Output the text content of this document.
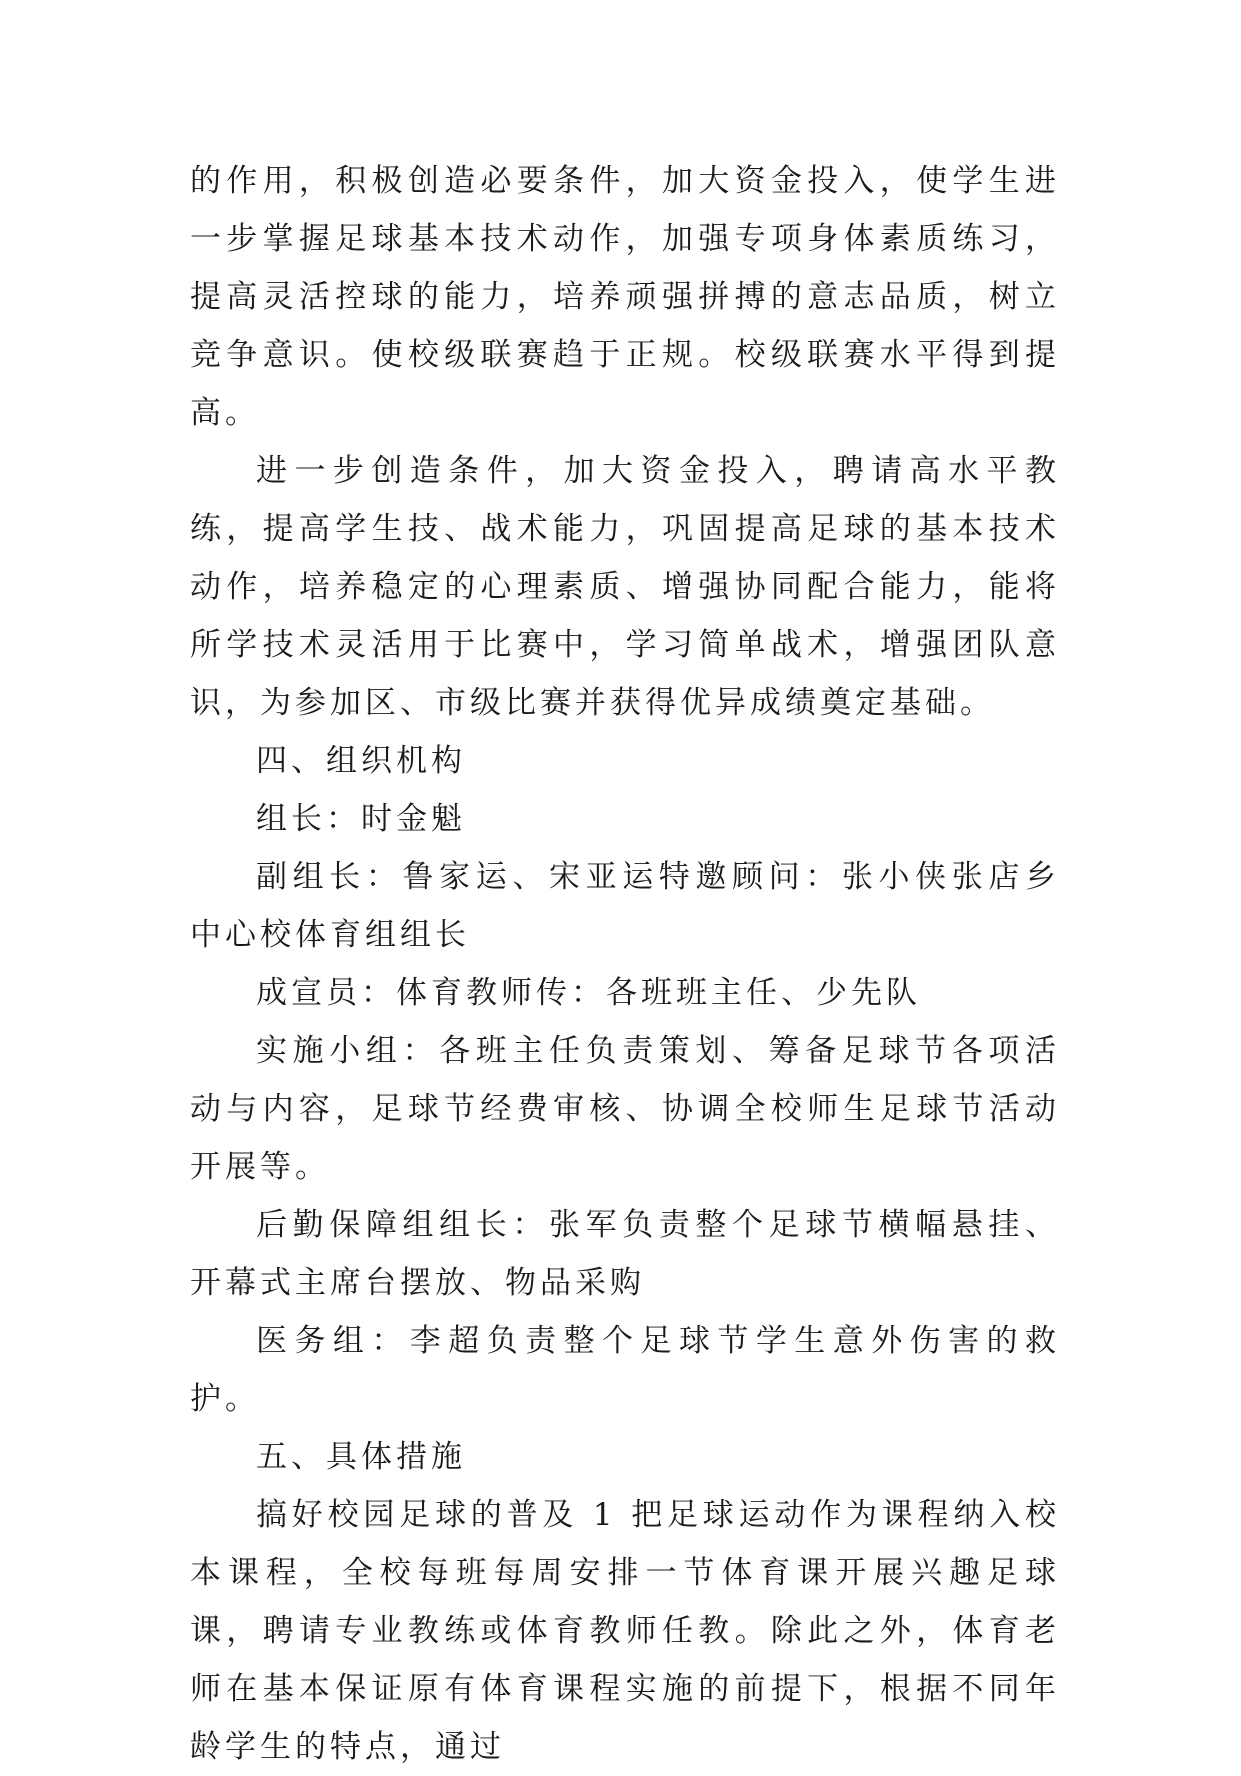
的作用，积极创造必要条件，加大资金投入，使学生进一步掌握足球基本技术动作，加强专项身体素质练习，提高灵活控球的能力，培养顽强拼搏的意志品质，树立竞争意识。使校级联赛趋于正规。校级联赛水平得到提高。

进一步创造条件，加大资金投入，聘请高水平教练，提高学生技、战术能力，巩固提高足球的基本技术动作，培养稳定的心理素质、增强协同配合能力，能将所学技术灵活用于比赛中，学习简单战术，增强团队意识，为参加区、市级比赛并获得优异成绩奠定基础。

四、组织机构

组长：时金魁

副组长：鲁家运、宋亚运特邀顾问：张小侠张店乡中心校体育组组长

成宣员：体育教师传：各班班主任、少先队

实施小组：各班主任负责策划、筹备足球节各项活动与内容，足球节经费审核、协调全校师生足球节活动开展等。

后勤保障组组长：张军负责整个足球节横幅悬挂、开幕式主席台摆放、物品采购

医务组：李超负责整个足球节学生意外伤害的救护。

五、具体措施

搞好校园足球的普及 1 把足球运动作为课程纳入校本课程，全校每班每周安排一节体育课开展兴趣足球课，聘请专业教练或体育教师任教。除此之外，体育老师在基本保证原有体育课程实施的前提下，根据不同年龄学生的特点，通过
